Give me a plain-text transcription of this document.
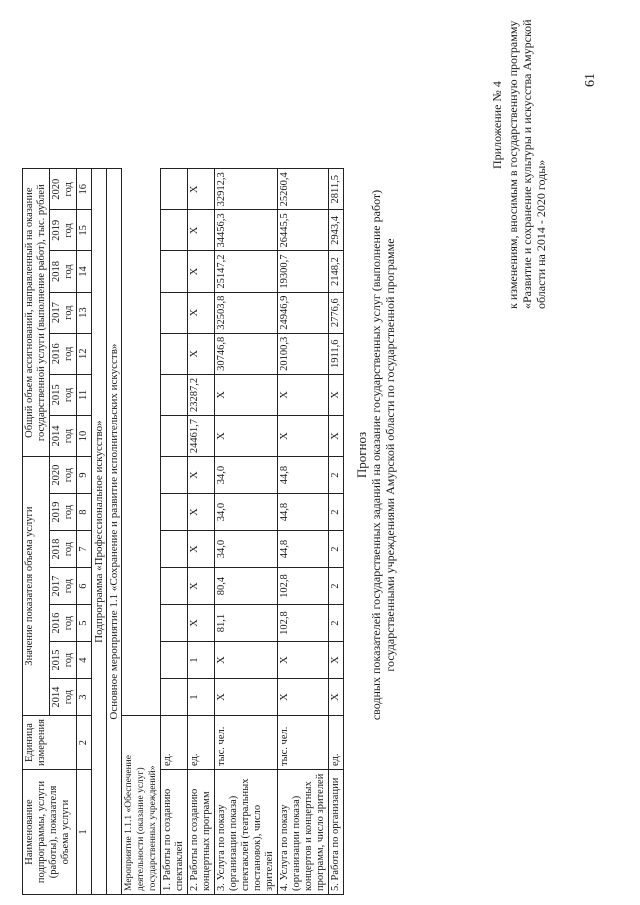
61
Приложение № 4 к изменениям, вносимым в государственную программу «Развитие и сохранение культуры и искусства Амурской области на 2014 - 2020 годы»
Прогноз сводных показателей государственных заданий на оказание государственных услуг (выполнение работ) государственными учреждениями Амурской области по государственной программе
Наименование подпрограммы, услуги (работы), показателя объема услуги	Единица измерения	Значение показателя объема услуги							Общий объем ассигнований, направленный на оказание государственной услуги (выполнение работ), тыс. рублей						
		2014 год	2015 год	2016 год	2017 год	2018 год	2019 год	2020 год	2014 год	2015 год	2016 год	2017 год	2018 год	2019 год	2020 год
1	2	3	4	5	6	7	8	9	10	11	12	13	14	15	16
Подпрограмма «Профессиональное искусство»															
Основное мероприятие 1.1 «Сохранение и развитие исполнительских искусств»															
Мероприятие 1.1.1 «Обеспечение деятельности (оказание услуг) государственных учреждений»															
1. Работы по созданию спектаклей	ед.														
2. Работы по созданию концертных программ	ед.	1	1	X	X	X	X	X	24461,7	23287,2	X	X	X	X	X
3. Услуга по показу (организации показа) спектаклей (театральных постановок), число зрителей	тыс. чел.	X	X	81,1	80,4	34,0	34,0	34,0	X	X	30746,8	32503,8	25147,2	34456,3	32912,3
4. Услуга по показу (организации показа) концертов и концертных программ, число зрителей	тыс. чел.	X	X	102,8	102,8	44,8	44,8	44,8	X	X	20100,3	24946,9	19300,7	26445,5	25260,4
5. Работа по организации	ед.	X	X	2	2	2	2	2	X	X	1911,6	2776,6	2148,2	2943,4	2811,5
